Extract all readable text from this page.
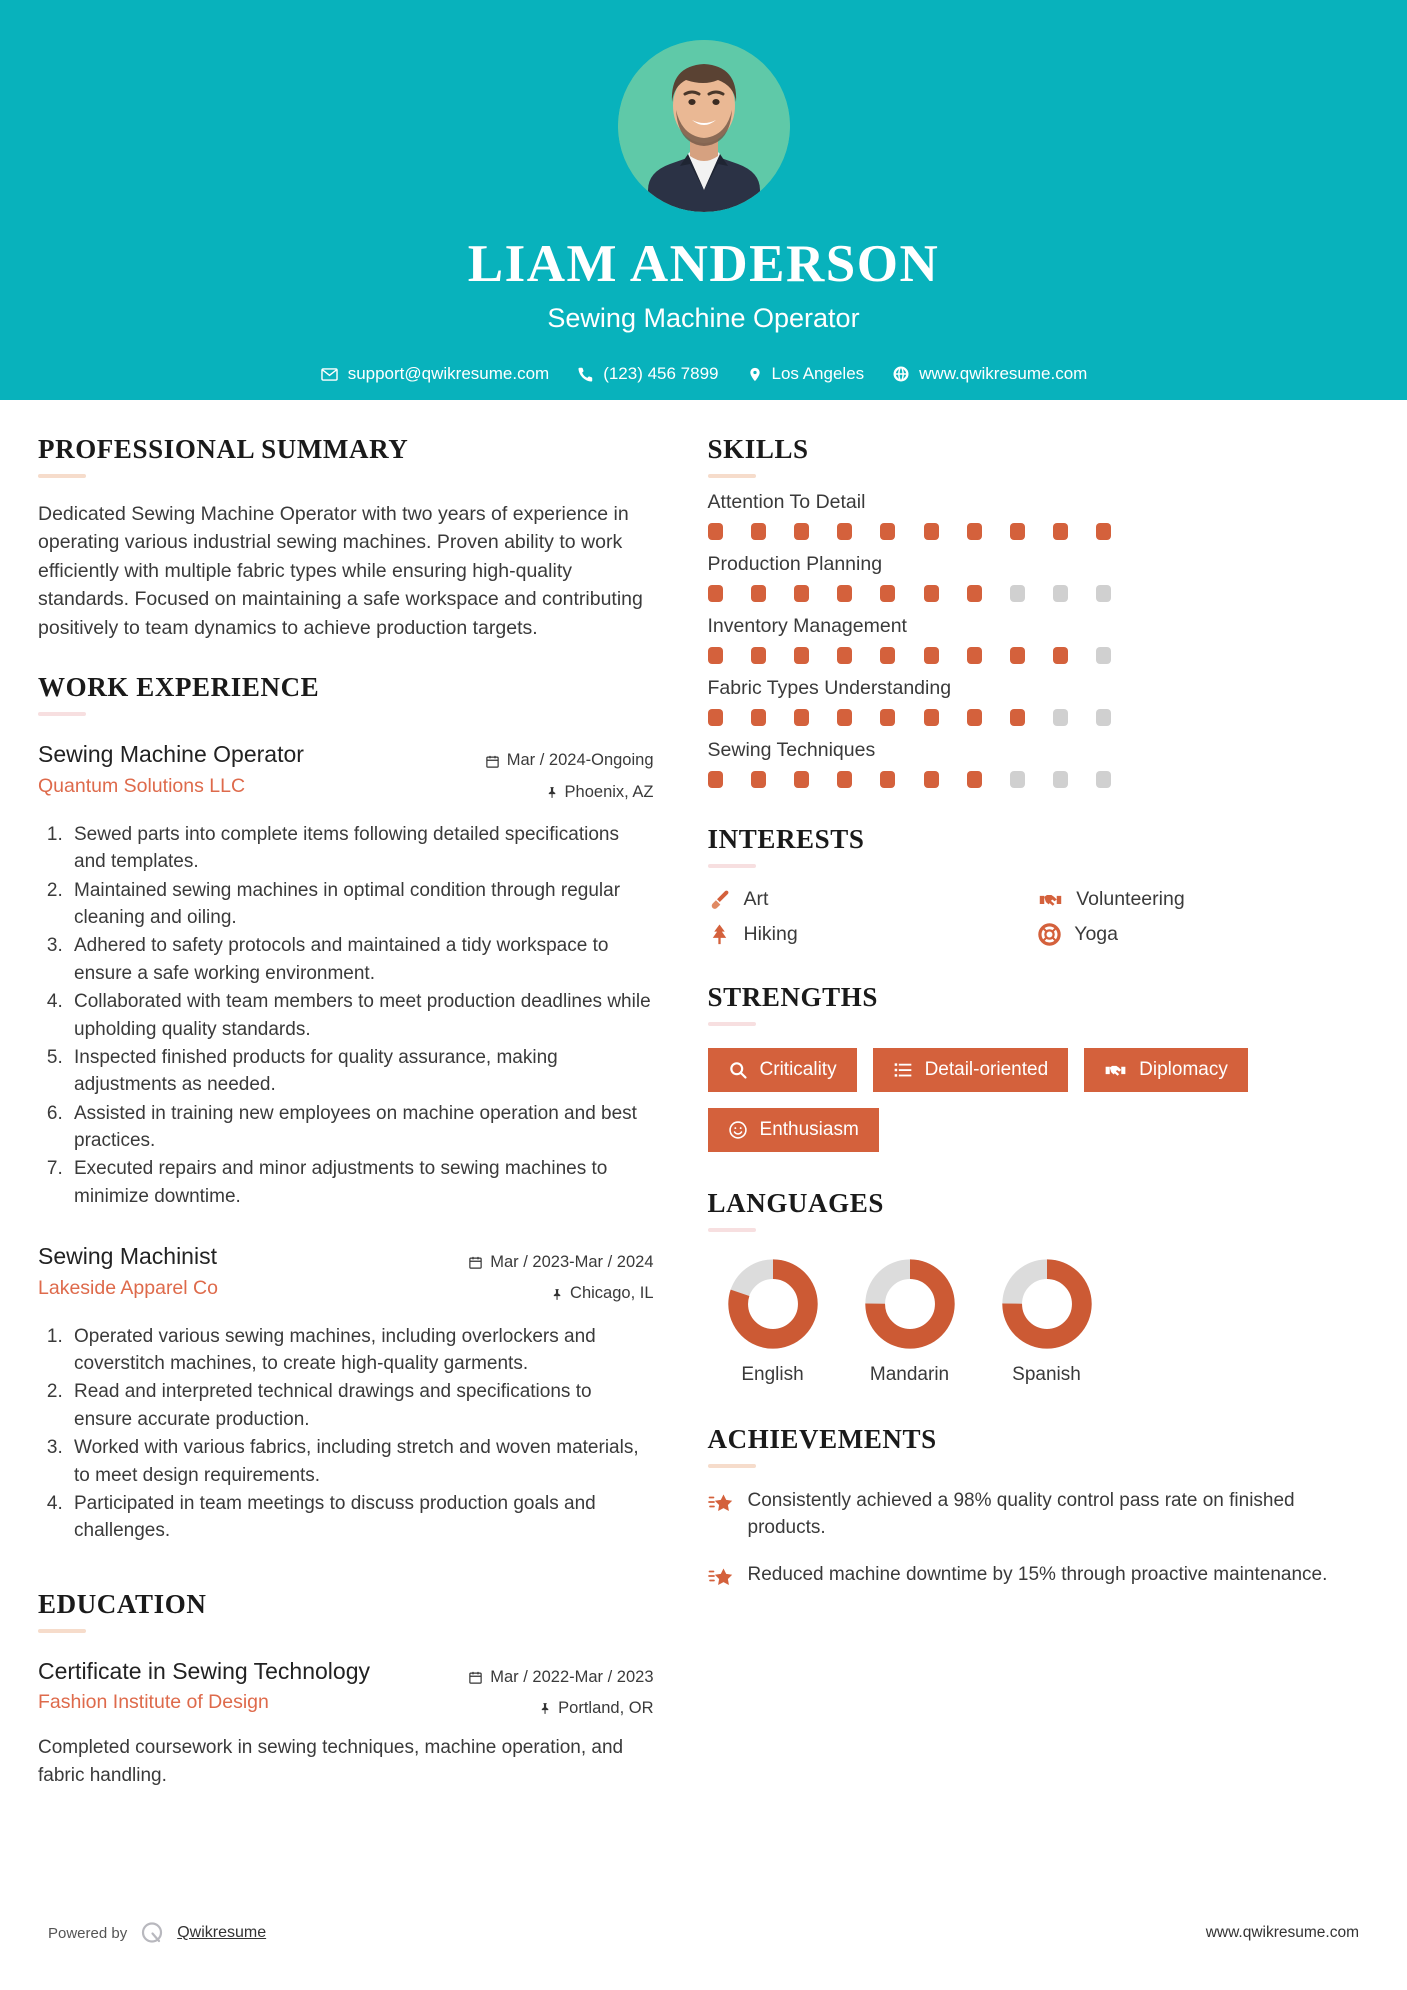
LIAM ANDERSON
Sewing Machine Operator
support@qwikresume.com	(123) 456 7899	Los Angeles	www.qwikresume.com
PROFESSIONAL SUMMARY
Dedicated Sewing Machine Operator with two years of experience in operating various industrial sewing machines. Proven ability to work efficiently with multiple fabric types while ensuring high-quality standards. Focused on maintaining a safe workspace and contributing positively to team dynamics to achieve production targets.
WORK EXPERIENCE
Sewing Machine Operator
Quantum Solutions LLC
Mar / 2024-Ongoing
Phoenix, AZ
1. Sewed parts into complete items following detailed specifications and templates.
2. Maintained sewing machines in optimal condition through regular cleaning and oiling.
3. Adhered to safety protocols and maintained a tidy workspace to ensure a safe working environment.
4. Collaborated with team members to meet production deadlines while upholding quality standards.
5. Inspected finished products for quality assurance, making adjustments as needed.
6. Assisted in training new employees on machine operation and best practices.
7. Executed repairs and minor adjustments to sewing machines to minimize downtime.
Sewing Machinist
Lakeside Apparel Co
Mar / 2023-Mar / 2024
Chicago, IL
1. Operated various sewing machines, including overlockers and coverstitch machines, to create high-quality garments.
2. Read and interpreted technical drawings and specifications to ensure accurate production.
3. Worked with various fabrics, including stretch and woven materials, to meet design requirements.
4. Participated in team meetings to discuss production goals and challenges.
EDUCATION
Certificate in Sewing Technology
Fashion Institute of Design
Mar / 2022-Mar / 2023
Portland, OR
Completed coursework in sewing techniques, machine operation, and fabric handling.
SKILLS
Attention To Detail
Production Planning
Inventory Management
Fabric Types Understanding
Sewing Techniques
INTERESTS
Art	Volunteering
Hiking	Yoga
STRENGTHS
Criticality	Detail-oriented	Diplomacy
Enthusiasm
LANGUAGES
English	Mandarin	Spanish
ACHIEVEMENTS
Consistently achieved a 98% quality control pass rate on finished products.
Reduced machine downtime by 15% through proactive maintenance.
Powered by	Qwikresume	www.qwikresume.com
